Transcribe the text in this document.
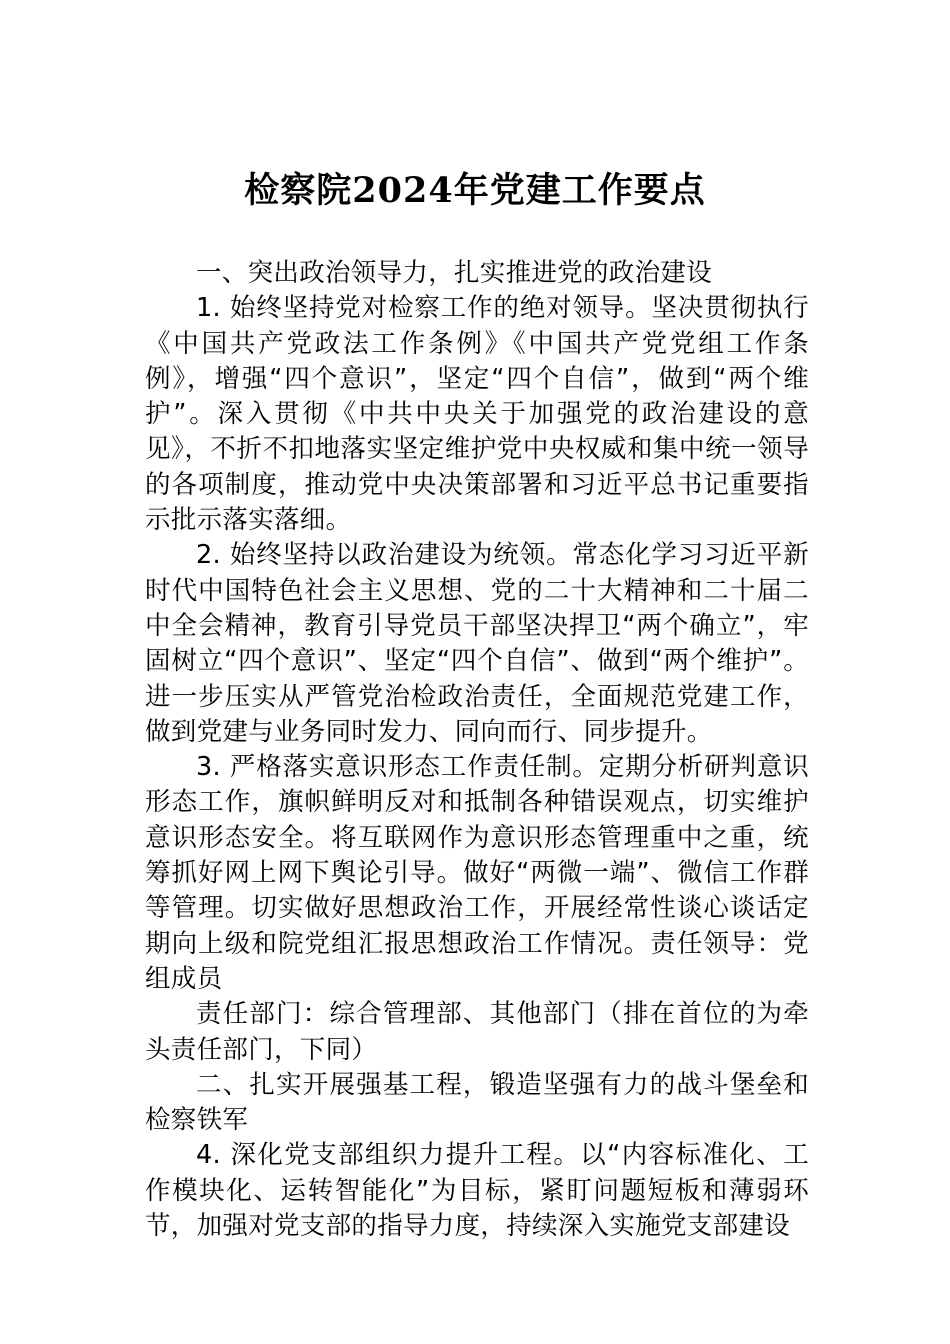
检察院2024年党建工作要点

一、突出政治领导力，扎实推进党的政治建设

1. 始终坚持党对检察工作的绝对领导。坚决贯彻执行《中国共产党政法工作条例》《中国共产党党组工作条例》，增强“四个意识”，坚定“四个自信”，做到“两个维护”。深入贯彻《中共中央关于加强党的政治建设的意见》，不折不扣地落实坚定维护党中央权威和集中统一领导的各项制度，推动党中央决策部署和习近平总书记重要指示批示落实落细。

2. 始终坚持以政治建设为统领。常态化学习习近平新时代中国特色社会主义思想、党的二十大精神和二十届二中全会精神，教育引导党员干部坚决捍卫“两个确立”，牢固树立“四个意识”、坚定“四个自信”、做到“两个维护”。进一步压实从严管党治检政治责任，全面规范党建工作，做到党建与业务同时发力、同向而行、同步提升。

3. 严格落实意识形态工作责任制。定期分析研判意识形态工作，旗帜鲜明反对和抵制各种错误观点，切实维护意识形态安全。将互联网作为意识形态管理重中之重，统筹抓好网上网下舆论引导。做好“两微一端”、微信工作群等管理。切实做好思想政治工作，开展经常性谈心谈话定期向上级和院党组汇报思想政治工作情况。责任领导：党组成员

责任部门：综合管理部、其他部门（排在首位的为牵头责任部门，下同）

二、扎实开展强基工程，锻造坚强有力的战斗堡垒和检察铁军

4. 深化党支部组织力提升工程。以“内容标准化、工作模块化、运转智能化”为目标，紧盯问题短板和薄弱环节，加强对党支部的指导力度，持续深入实施党支部建设
